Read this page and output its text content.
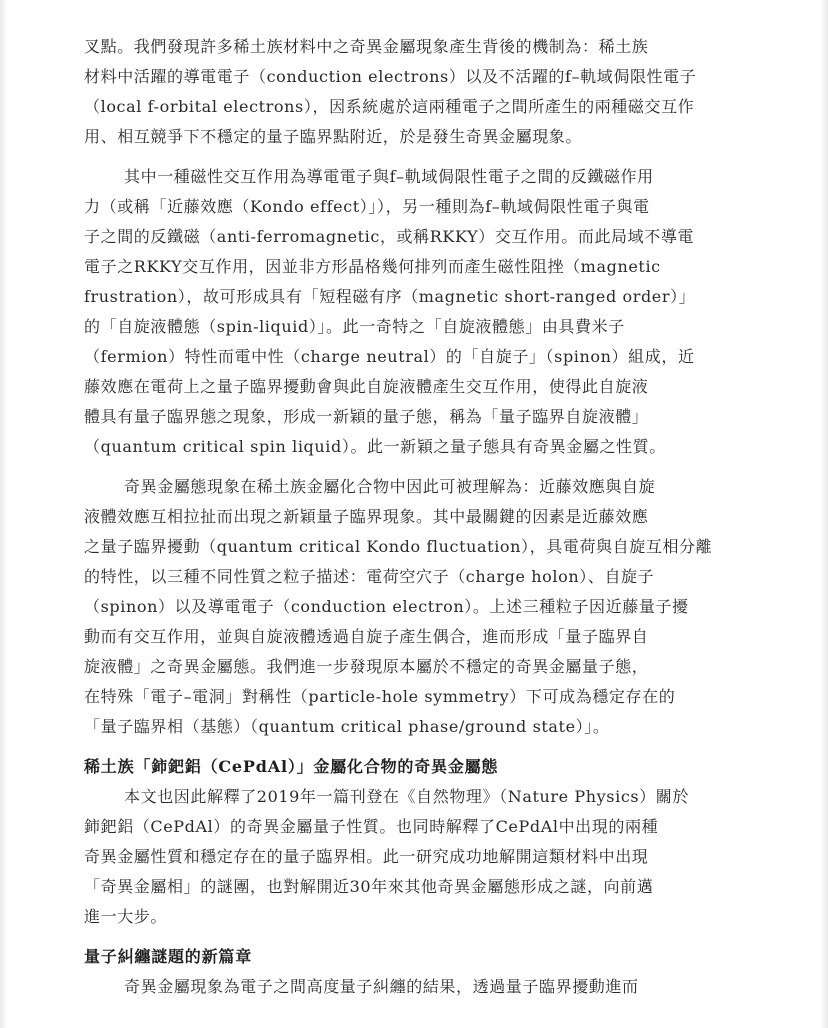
叉點。我們發現許多稀土族材料中之奇異金屬現象產生背後的機制為：稀土族
材料中活躍的導電電子（conduction electrons）以及不活躍的f–軌域侷限性電子
（local f-orbital electrons），因系統處於這兩種電子之間所產生的兩種磁交互作
用、相互競爭下不穩定的量子臨界點附近，於是發生奇異金屬現象。
其中一種磁性交互作用為導電電子與f–軌域侷限性電子之間的反鐵磁作用
力（或稱「近藤效應（Kondo effect）」），另一種則為f–軌域侷限性電子與電
子之間的反鐵磁（anti-ferromagnetic，或稱RKKY）交互作用。而此局域不導電
電子之RKKY交互作用，因並非方形晶格幾何排列而產生磁性阻挫（magnetic
frustration），故可形成具有「短程磁有序（magnetic short-ranged order）」
的「自旋液體態（spin-liquid）」。此一奇特之「自旋液體態」由具費米子
（fermion）特性而電中性（charge neutral）的「自旋子」（spinon）組成，近
藤效應在電荷上之量子臨界擾動會與此自旋液體產生交互作用，使得此自旋液
體具有量子臨界態之現象，形成一新穎的量子態，稱為「量子臨界自旋液體」
（quantum critical spin liquid）。此一新穎之量子態具有奇異金屬之性質。
奇異金屬態現象在稀土族金屬化合物中因此可被理解為：近藤效應與自旋
液體效應互相拉扯而出現之新穎量子臨界現象。其中最關鍵的因素是近藤效應
之量子臨界擾動（quantum critical Kondo fluctuation），具電荷與自旋互相分離
的特性，以三種不同性質之粒子描述：電荷空穴子（charge holon）、自旋子
（spinon）以及導電電子（conduction electron）。上述三種粒子因近藤量子擾
動而有交互作用，並與自旋液體透過自旋子產生偶合，進而形成「量子臨界自
旋液體」之奇異金屬態。我們進一步發現原本屬於不穩定的奇異金屬量子態，
在特殊「電子–電洞」對稱性（particle-hole symmetry）下可成為穩定存在的
「量子臨界相（基態）（quantum critical phase/ground state）」。
稀土族「鈰鈀鋁（CePdAl）」金屬化合物的奇異金屬態
本文也因此解釋了2019年一篇刊登在《自然物理》（Nature Physics）關於
鈰鈀鋁（CePdAl）的奇異金屬量子性質。也同時解釋了CePdAl中出現的兩種
奇異金屬性質和穩定存在的量子臨界相。此一研究成功地解開這類材料中出現
「奇異金屬相」的謎團，也對解開近30年來其他奇異金屬態形成之謎，向前邁
進一大步。
量子糾纏謎題的新篇章
奇異金屬現象為電子之間高度量子糾纏的結果，透過量子臨界擾動進而
